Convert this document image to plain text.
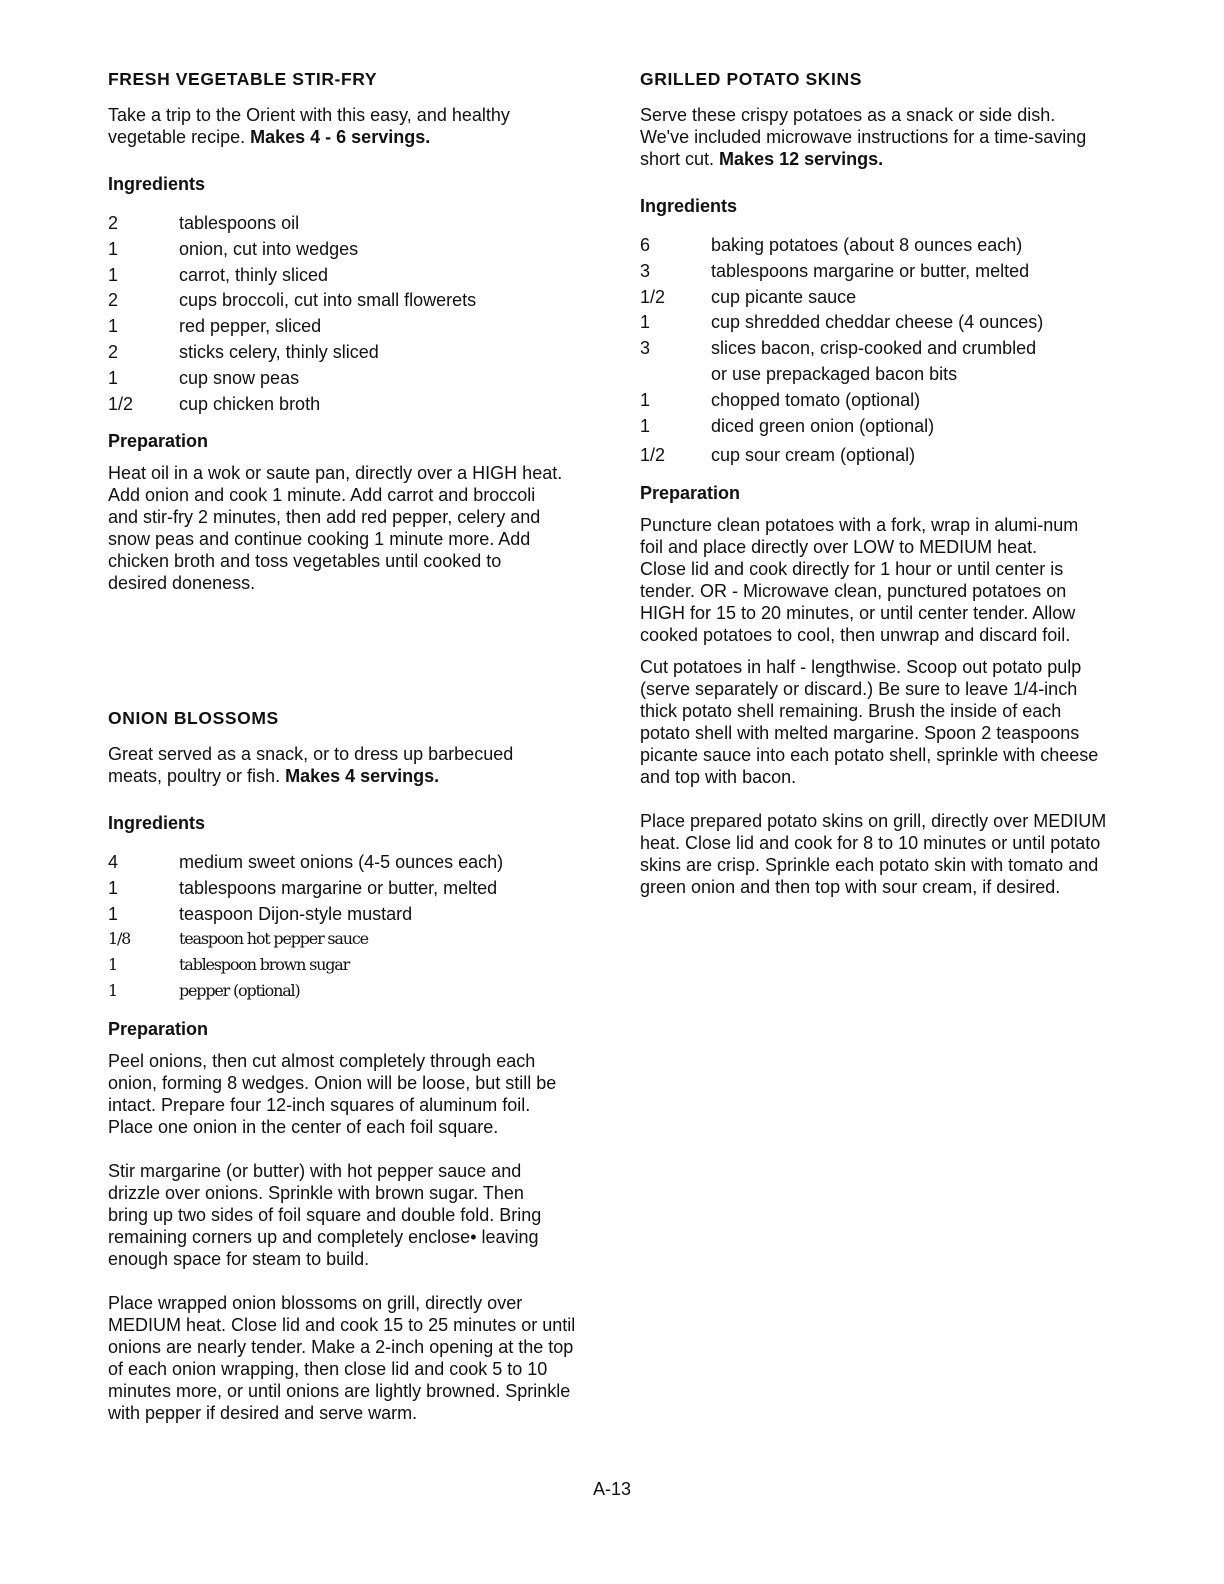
FRESH VEGETABLE STIR-FRY

Take a trip to the Orient with this easy, and healthy vegetable recipe. Makes 4 - 6 servings.

Ingredients
2	tablespoons oil
1	onion, cut into wedges
1	carrot, thinly sliced
2	cups broccoli, cut into small flowerets
1	red pepper, sliced
2	sticks celery, thinly sliced
1	cup snow peas
1/2	cup chicken broth
Preparation

Heat oil in a wok or saute pan, directly over a HIGH heat. Add onion and cook 1 minute. Add carrot and broccoli and stir-fry 2 minutes, then add red pepper, celery and snow peas and continue cooking 1 minute more. Add chicken broth and toss vegetables until cooked to desired doneness.

ONION BLOSSOMS

Great served as a snack, or to dress up barbecued meats, poultry or fish. Makes 4 servings.

Ingredients
4	medium sweet onions (4-5 ounces each)
1	tablespoons margarine or butter, melted
1	teaspoon Dijon-style mustard
1/8	teaspoon hot pepper sauce
1	tablespoon brown sugar
1	pepper (optional)
Preparation

Peel onions, then cut almost completely through each onion, forming 8 wedges. Onion will be loose, but still be intact. Prepare four 12-inch squares of aluminum foil. Place one onion in the center of each foil square.

Stir margarine (or butter) with hot pepper sauce and drizzle over onions. Sprinkle with brown sugar. Then bring up two sides of foil square and double fold. Bring remaining corners up and completely enclose• leaving enough space for steam to build.

Place wrapped onion blossoms on grill, directly over MEDIUM heat. Close lid and cook 15 to 25 minutes or until onions are nearly tender. Make a 2-inch opening at the top of each onion wrapping, then close lid and cook 5 to 10 minutes more, or until onions are lightly browned. Sprinkle with pepper if desired and serve warm.

GRILLED POTATO SKINS

Serve these crispy potatoes as a snack or side dish. We've included microwave instructions for a time-saving short cut. Makes 12 servings.

Ingredients
6	baking potatoes (about 8 ounces each)
3	tablespoons margarine or butter, melted
1/2	cup picante sauce
1	cup shredded cheddar cheese (4 ounces)
3	slices bacon, crisp-cooked and crumbled
or use prepackaged bacon bits
1	chopped tomato (optional)
1	diced green onion (optional)
1/2	cup sour cream (optional)
Preparation

Puncture clean potatoes with a fork, wrap in alumi-num foil and place directly over LOW to MEDIUM heat. Close lid and cook directly for 1 hour or until center is tender. OR - Microwave clean, punctured potatoes on HIGH for 15 to 20 minutes, or until center tender. Allow cooked potatoes to cool, then unwrap and discard foil.

Cut potatoes in half - lengthwise. Scoop out potato pulp (serve separately or discard.) Be sure to leave 1/4-inch thick potato shell remaining. Brush the inside of each potato shell with melted margarine. Spoon 2 teaspoons picante sauce into each potato shell, sprinkle with cheese and top with bacon.

Place prepared potato skins on grill, directly over MEDIUM heat. Close lid and cook for 8 to 10 minutes or until potato skins are crisp. Sprinkle each potato skin with tomato and green onion and then top with sour cream, if desired.

A-13
